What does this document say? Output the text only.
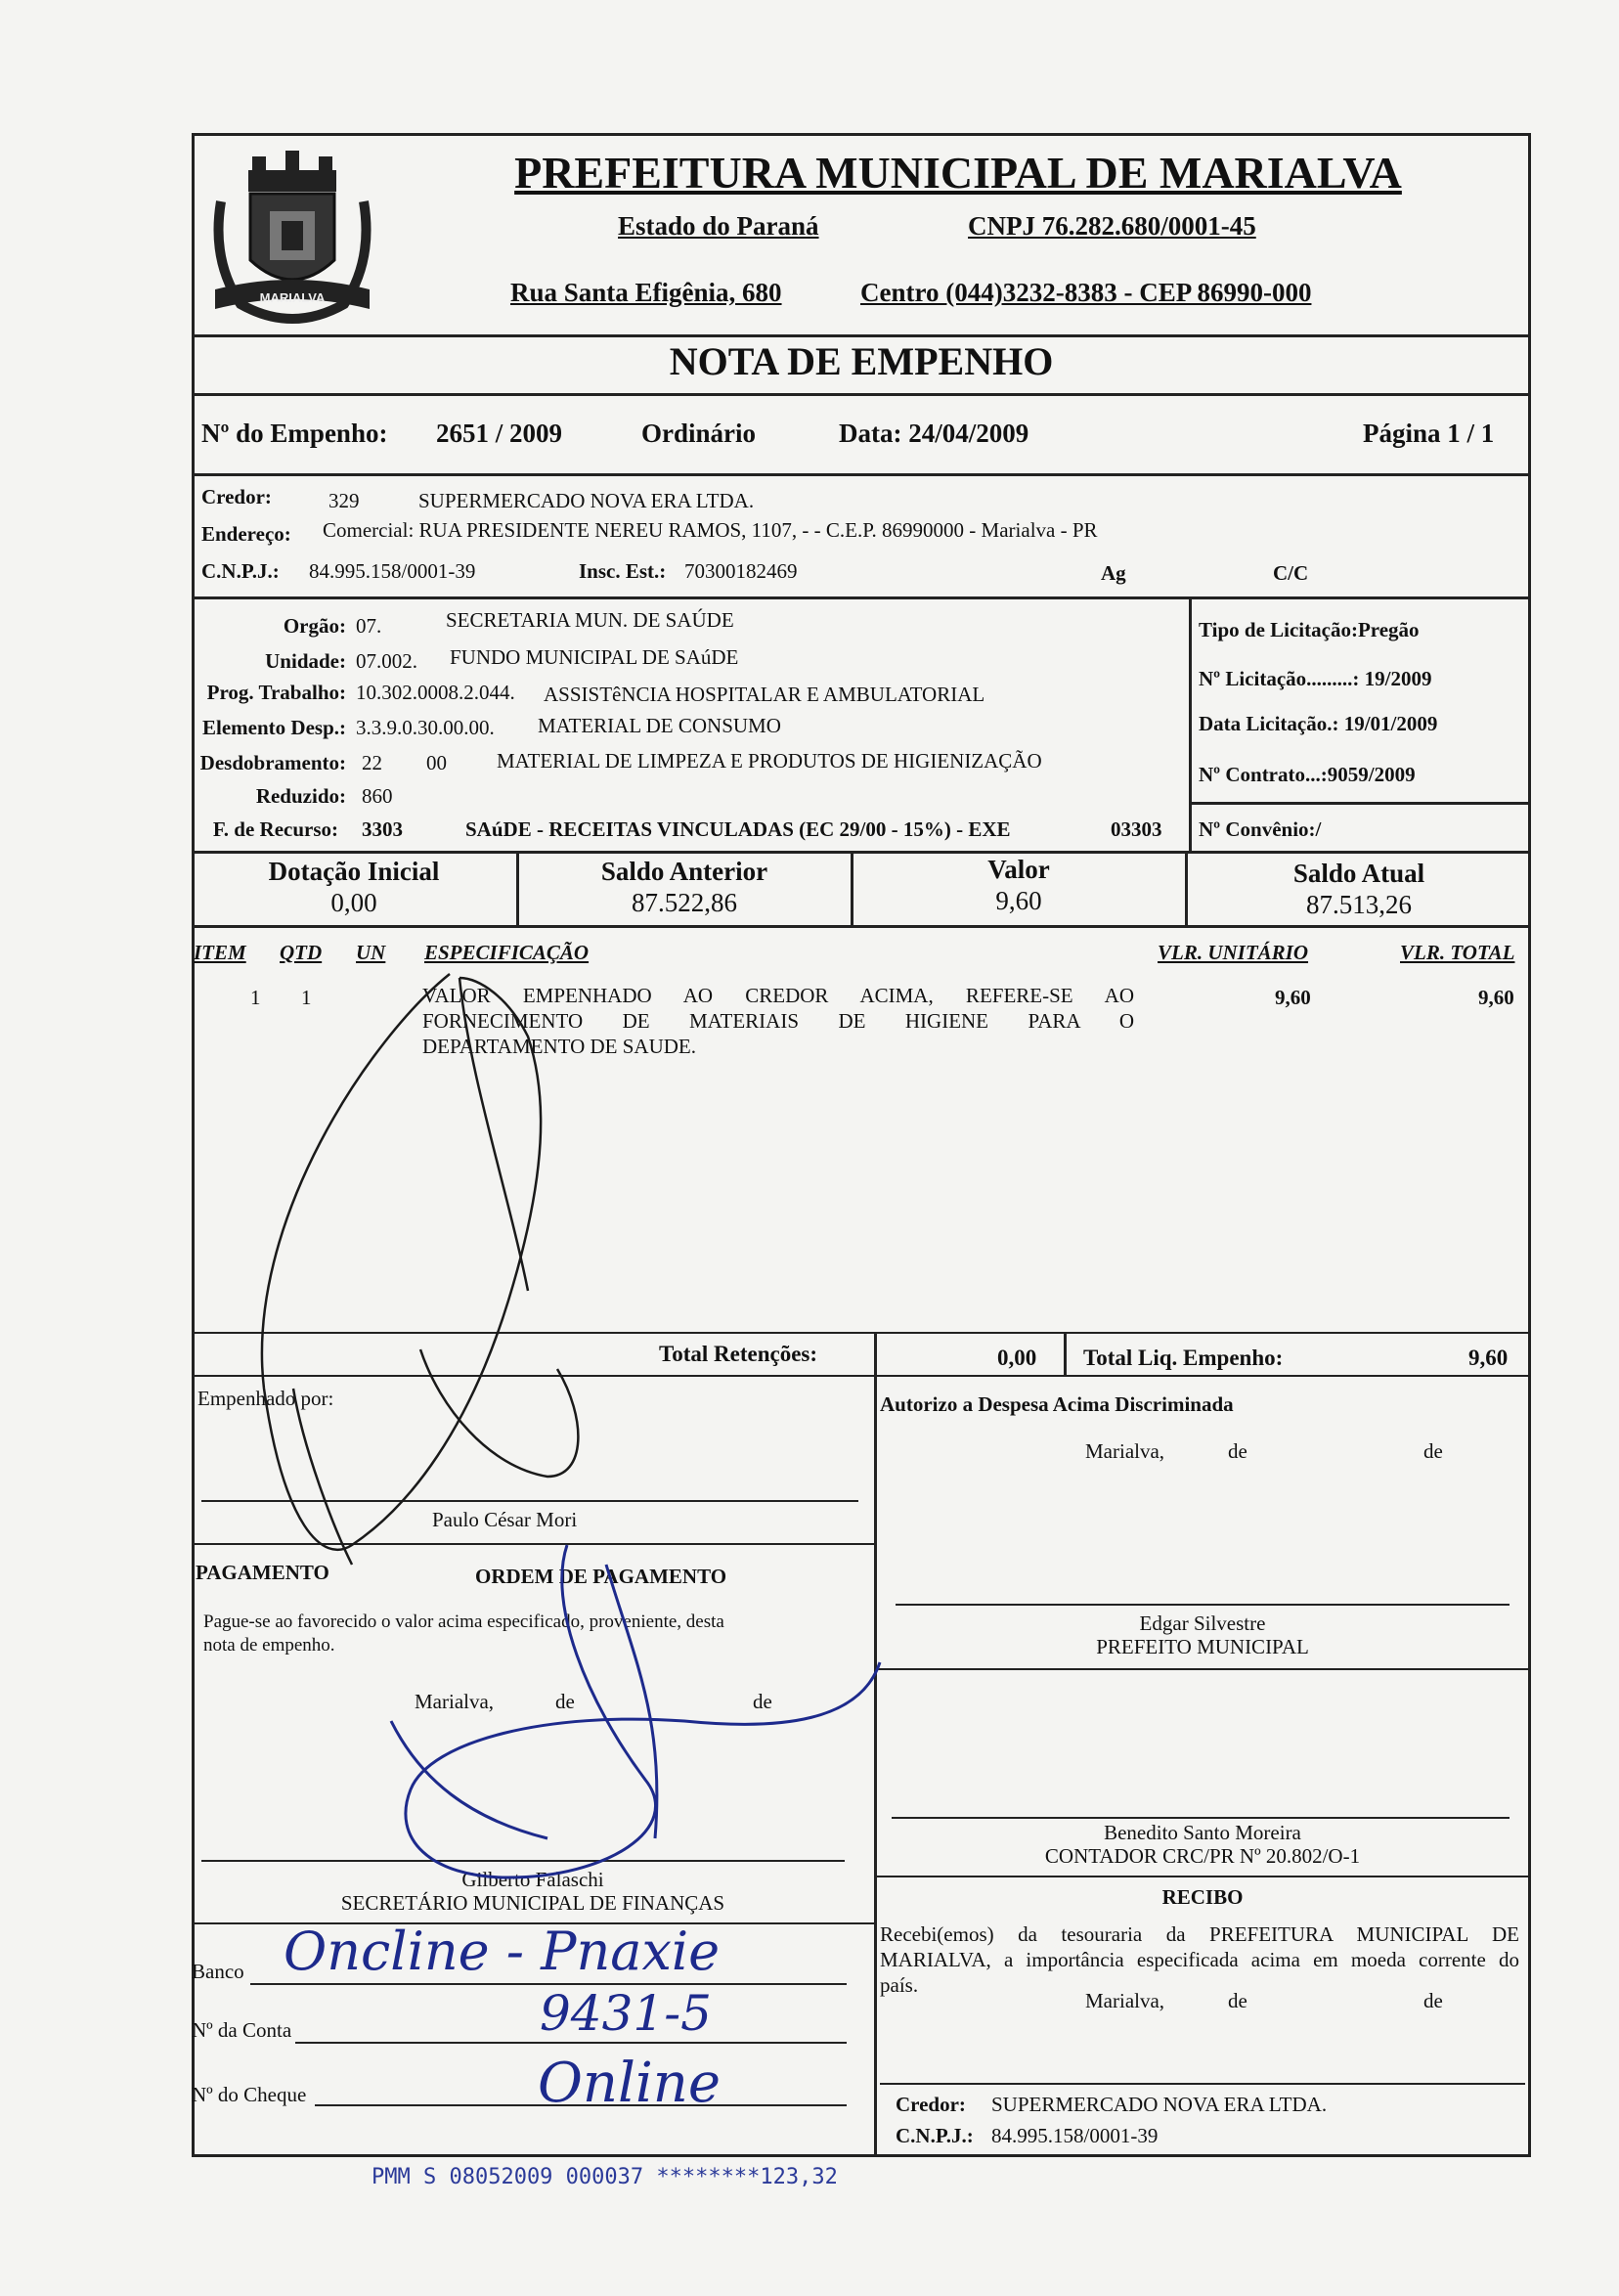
MARIALVA
PREFEITURA MUNICIPAL DE MARIALVA
Estado do Paraná	CNPJ 76.282.680/0001-45
Rua Santa Efigênia, 680	Centro (044)3232-8383 - CEP 86990-000
NOTA DE EMPENHO
Nº do Empenho: 2651 / 2009	Ordinário	Data: 24/04/2009	Página 1 / 1
Credor:	329	SUPERMERCADO NOVA ERA LTDA.
Endereço: Comercial: RUA PRESIDENTE NEREU RAMOS, 1107, - - C.E.P. 86990000 - Marialva - PR
C.N.P.J.: 84.995.158/0001-39	Insc. Est.: 70300182469	Ag	C/C
Orgão: 07.	SECRETARIA MUN. DE SAÚDE
Unidade: 07.002. FUNDO MUNICIPAL DE SAúDE
Prog. Trabalho: 10.302.0008.2.044. ASSISTêNCIA HOSPITALAR E AMBULATORIAL
Elemento Desp.: 3.3.9.0.30.00.00. MATERIAL DE CONSUMO
Desdobramento: 22 00 MATERIAL DE LIMPEZA E PRODUTOS DE HIGIENIZAÇÃO
Reduzido: 860
F. de Recurso: 3303	SAúDE - RECEITAS VINCULADAS (EC 29/00 - 15%) - EXE	03303
Tipo de Licitação:Pregão
Nº Licitação.........: 19/2009
Data Licitação.: 19/01/2009
Nº Contrato...:9059/2009
Nº Convênio:/
Dotação Inicial
0,00
Saldo Anterior
87.522,86
Valor
9,60
Saldo Atual
87.513,26
ITEM QTD UN ESPECIFICAÇÃO	VLR. UNITÁRIO	VLR. TOTAL
1 1	VALOR EMPENHADO AO CREDOR ACIMA, REFERE-SE AO
FORNECIMENTO DE MATERIAIS DE HIGIENE PARA O
DEPARTAMENTO DE SAUDE.
9,60	9,60
Total Retenções:	0,00 Total Liq. Empenho:	9,60
Empenhado por:
Paulo César Mori
Autorizo a Despesa Acima Discriminada
Marialva,	de	de
Edgar Silvestre
PREFEITO MUNICIPAL
PAGAMENTO	ORDEM DE PAGAMENTO
Pague-se ao favorecido o valor acima especificado, proveniente, desta
nota de empenho.
Marialva,	de	de
Gilberto Falaschi
SECRETÁRIO MUNICIPAL DE FINANÇAS
Benedito Santo Moreira
CONTADOR CRC/PR Nº 20.802/O-1
RECIBO
Recebi(emos) da tesouraria da PREFEITURA MUNICIPAL DE
MARIALVA, a importância especificada acima em moeda corrente do
país.
Marialva,	de	de
Credor: SUPERMERCADO NOVA ERA LTDA.
C.N.P.J.: 84.995.158/0001-39
Banco
Nº da Conta
Nº do Cheque
Oncline - Pnaxie
9431-5
Online
PMM S 08052009 000037 ********123,32
